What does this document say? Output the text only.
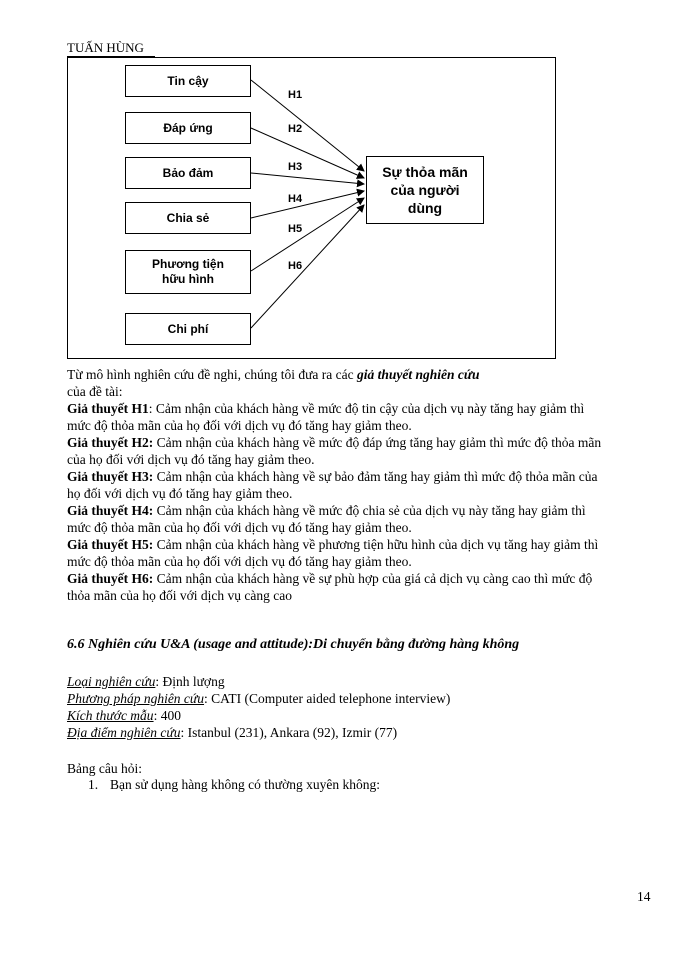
TUẤN HÙNG
Tin cậy
Đáp ứng
Bảo đảm
Chia sẻ
Phương tiện
hữu hình
Chi phí
H1
H2
H3
H4
H5
H6
Sự thỏa mãn
của người
dùng

Từ mô hình nghiên cứu đề nghi, chúng tôi đưa ra các giả thuyết nghiên cứu

của đề tài:

Giả thuyết H1: Cảm nhận của khách hàng về mức độ tin cậy của dịch vụ này tăng hay giảm thì mức độ thỏa mãn của họ đối với dịch vụ đó tăng hay giảm theo.

Giả thuyết H2: Cảm nhận của khách hàng về mức độ đáp ứng tăng hay giảm thì mức độ thỏa mãn của họ đối với dịch vụ đó tăng hay giảm theo.

Giả thuyết H3: Cảm nhận của khách hàng về sự bảo đảm tăng hay giảm thì mức độ thỏa mãn của họ đối với dịch vụ đó tăng hay giảm theo.

Giả thuyết H4: Cảm nhận của khách hàng về mức độ chia sẻ của dịch vụ này tăng hay giảm thì mức độ thỏa mãn của họ đối với dịch vụ đó tăng hay giảm theo.

Giả thuyết H5: Cảm nhận của khách hàng về phương tiện hữu hình của dịch vụ tăng hay giảm thì mức độ thỏa mãn của họ đối với dịch vụ đó tăng hay giảm theo.

Giả thuyết H6: Cảm nhận của khách hàng về sự phù hợp của giá cả dịch vụ càng cao thì mức độ thỏa mãn của họ đối với dịch vụ càng cao

6.6 Nghiên cứu U&A (usage and attitude):Di chuyển bằng đường hàng không
Loại nghiên cứu: Định lượng
Phương pháp nghiên cứu: CATI (Computer aided telephone interview)
Kích thước mẫu: 400
Địa điểm nghiên cứu: Istanbul (231), Ankara (92), Izmir (77)
Bảng câu hỏi:
1. Bạn sử dụng hàng không có thường xuyên không:
14
